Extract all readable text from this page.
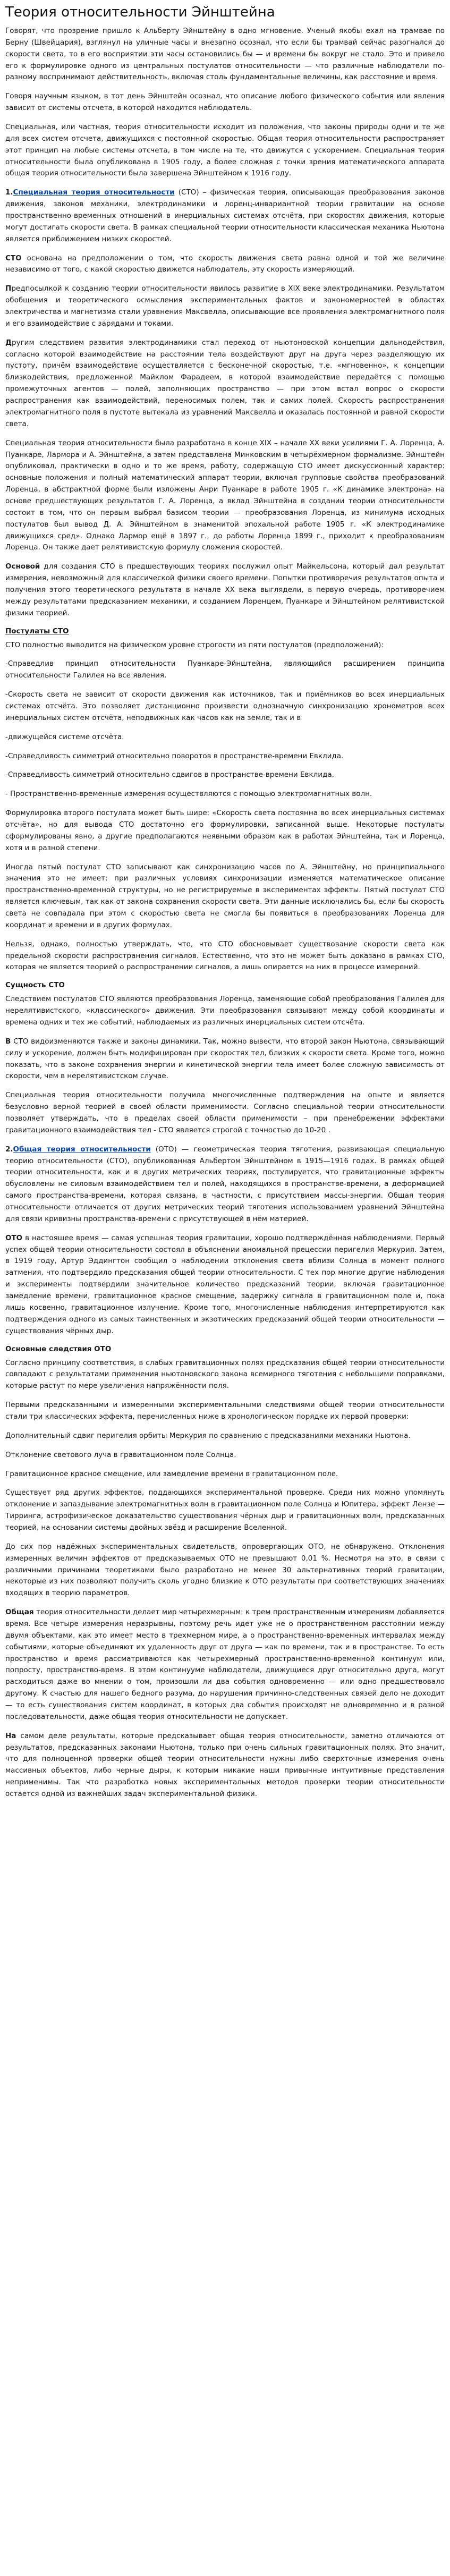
Теория относительности Эйнштейна

Говорят, что прозрение пришло к Альберту Эйнштейну в одно мгновение. Ученый якобы ехал на трамвае по Берну (Швейцария), взглянул на уличные часы и внезапно осознал, что если бы трамвай сейчас разогнался до скорости света, то в его восприятии эти часы остановились бы — и времени бы вокруг не стало. Это и привело его к формулировке одного из центральных постулатов относительности — что различные наблюдатели по-разному воспринимают действительность, включая столь фундаментальные величины, как расстояние и время.

Говоря научным языком, в тот день Эйнштейн осознал, что описание любого физического события или явления зависит от системы отсчета, в которой находится наблюдатель.

Специальная, или частная, теория относительности исходит из положения, что законы природы одни и те же для всех систем отсчета, движущихся с постоянной скоростью. Общая теория относительности распространяет этот принцип на любые системы отсчета, в том числе на те, что движутся с ускорением. Специальная теория относительности была опубликована в 1905 году, а более сложная с точки зрения математического аппарата общая теория относительности была завершена Эйнштейном к 1916 году.

1.Специальная теория относительности (СТО) – физическая теория, описывающая преобразования законов движения, законов механики, электродинамики и лоренц-инвариантной теории гравитации на основе пространственно-временных отношений в инерциальных системах отсчёта, при скоростях движения, которые могут достигать скорости света. В рамках специальной теории относительности классическая механика Ньютона является приближением низких скоростей.

СТО основана на предположении о том, что скорость движения света равна одной и той же величине независимо от того, с какой скоростью движется наблюдатель, эту скорость измеряющий.

Предпосылкой к созданию теории относительности явилось развитие в XIX веке электродинамики. Результатом обобщения и теоретического осмысления экспериментальных фактов и закономерностей в областях электричества и магнетизма стали уравнения Максвелла, описывающие все проявления электромагнитного поля и его взаимодействие с зарядами и токами.

Другим следствием развития электродинамики стал переход от ньютоновской концепции дальнодействия, согласно которой взаимодействие на расстоянии тела воздействуют друг на друга через разделяющую их пустоту, причём взаимодействие осуществляется с бесконечной скоростью, т.е. «мгновенно», к концепции близкодействия, предложенной Майклом Фарадеем, в которой взаимодействие передаётся с помощью промежуточных агентов — полей, заполняющих пространство — при этом встал вопрос о скорости распространения как взаимодействий, переносимых полем, так и самих полей. Скорость распространения электромагнитного поля в пустоте вытекала из уравнений Максвелла и оказалась постоянной и равной скорости света.

Специальная теория относительности была разработана в конце XIX – начале XX веки усилиями Г. А. Лоренца, А. Пуанкаре, Лармора и А. Эйнштейна, а затем представлена Минковским в четырёхмерном формализме. Эйнштейн опубликовал, практически в одно и то же время, работу, содержащую СТО имеет дискуссионный характер: основные положения и полный математический аппарат теории, включая групповые свойства преобразований Лоренца, в абстрактной форме были изложены Анри Пуанкаре в работе 1905 г. «К динамике электрона» на основе предшествующих результатов Г. А. Лоренца, а вклад Эйнштейна в создании теории относительности состоит в том, что он первым выбрал базисом теории — преобразования Лоренца, из минимума исходных постулатов был вывод Д. А. Эйнштейном в знаменитой эпохальной работе 1905 г. «К электродинамике движущихся сред». Однако Лармор ещё в 1897 г., до работы Лоренца 1899 г., приходит к преобразованиям Лоренца. Он также дает релятивистскую формулу сложения скоростей.

Основой для создания СТО в предшествующих теориях послужил опыт Майкельсона, который дал результат измерения, невозможный для классической физики своего времени. Попытки противоречия результатов опыта и получения этого теоретического результата в начале XX века выглядели, в первую очередь, противоречием между результатами предсказанием механики, и созданием Лоренцем, Пуанкаре и Эйнштейном релятивистской физики теорией.

Постулаты СТО

СТО полностью выводится на физическом уровне строгости из пяти постулатов (предположений):

-Справедлив принцип относительности Пуанкаре-Эйнштейна, являющийся расширением принципа относительности Галилея на все явления.

-Скорость света не зависит от скорости движения как источников, так и приёмников во всех инерциальных системах отсчёта. Это позволяет дистанционно произвести однозначную синхронизацию хронометров всех инерциальных систем отсчёта, неподвижных как часов как на земле, так и в

-движущейся системе отсчёта.

-Справедливость симметрий относительно поворотов в пространстве-времени Евклида.

-Справедливость симметрий относительно сдвигов в пространстве-времени Евклида.

- Пространственно-временные измерения осуществляются с помощью электромагнитных волн.

Формулировка второго постулата может быть шире: «Скорость света постоянна во всех инерциальных системах отсчёта», но для вывода СТО достаточно его формулировки, записанной выше. Некоторые постулаты сформулированы явно, а другие предполагаются неявными образом как в работах Эйнштейна, так и Лоренца, хотя и в разной степени.

Иногда пятый постулат СТО записывают как синхронизацию часов по А. Эйнштейну, но принципиального значения это не имеет: при различных условиях синхронизации изменяется математическое описание пространственно-временной структуры, но не регистрируемые в экспериментах эффекты. Пятый постулат СТО является ключевым, так как от закона сохранения скорости света. Эти данные исключались бы, если бы скорость света не совпадала при этом с скоростью света не смогла бы появиться в преобразованиях Лоренца для координат и времени и в других формулах.

Нельзя, однако, полностью утверждать, что, что СТО обосновывает существование скорости света как предельной скорости распространения сигналов. Естественно, что это не может быть доказано в рамках СТО, которая не является теорией о распространении сигналов, а лишь опирается на них в процессе измерений.

Сущность СТО

Следствием постулатов СТО являются преобразования Лоренца, заменяющие собой преобразования Галилея для нерелятивистского, «классического» движения. Эти преобразования связывают между собой координаты и времена одних и тех же событий, наблюдаемых из различных инерциальных систем отсчёта.

В СТО видоизменяются также и законы динамики. Так, можно вывести, что второй закон Ньютона, связывающий силу и ускорение, должен быть модифицирован при скоростях тел, близких к скорости света. Кроме того, можно показать, что в законе сохранения энергии и кинетической энергии тела имеет более сложную зависимость от скорости, чем в нерелятивистском случае.

Специальная теория относительности получила многочисленные подтверждения на опыте и является безусловно верной теорией в своей области применимости. Согласно специальной теории относительности позволяет утверждать, что в пределах своей области применимости – при пренебрежении эффектами гравитационного взаимодействия тел - СТО является строгой с точностью до 10-20 .

2.Общая теория относительности (ОТО) — геометрическая теория тяготения, развивающая специальную теорию относительности (СТО), опубликованная Альбертом Эйнштейном в 1915—1916 годах. В рамках общей теории относительности, как и в других метрических теориях, постулируется, что гравитационные эффекты обусловлены не силовым взаимодействием тел и полей, находящихся в пространстве-времени, а деформацией самого пространства-времени, которая связана, в частности, с присутствием массы-энергии. Общая теория относительности отличается от других метрических теорий тяготения использованием уравнений Эйнштейна для связи кривизны пространства-времени с присутствующей в нём материей.

ОТО в настоящее время — самая успешная теория гравитации, хорошо подтверждённая наблюдениями. Первый успех общей теории относительности состоял в объяснении аномальной прецессии перигелия Меркурия. Затем, в 1919 году, Артур Эддингтон сообщил о наблюдении отклонения света вблизи Солнца в момент полного затмения, что подтвердило предсказания общей теории относительности. С тех пор многие другие наблюдения и эксперименты подтвердили значительное количество предсказаний теории, включая гравитационное замедление времени, гравитационное красное смещение, задержку сигнала в гравитационном поле и, пока лишь косвенно, гравитационное излучение. Кроме того, многочисленные наблюдения интерпретируются как подтверждения одного из самых таинственных и экзотических предсказаний общей теории относительности — существования чёрных дыр.

Основные следствия ОТО

Согласно принципу соответствия, в слабых гравитационных полях предсказания общей теории относительности совпадают с результатами применения ньютоновского закона всемирного тяготения с небольшими поправками, которые растут по мере увеличения напряжённости поля.

Первыми предсказанными и измеренными экспериментальными следствиями общей теории относительности стали три классических эффекта, перечисленных ниже в хронологическом порядке их первой проверки:

Дополнительный сдвиг перигелия орбиты Меркурия по сравнению с предсказаниями механики Ньютона.

Отклонение светового луча в гравитационном поле Солнца.

Гравитационное красное смещение, или замедление времени в гравитационном поле.

Существует ряд других эффектов, поддающихся экспериментальной проверке. Среди них можно упомянуть отклонение и запаздывание электромагнитных волн в гравитационном поле Солнца и Юпитера, эффект Лензе — Тирринга, астрофизическое доказательство существования чёрных дыр и гравитационных волн, предсказанных теорией, на основании системы двойных звёзд и расширение Вселенной.

До сих пор надёжных экспериментальных свидетельств, опровергающих ОТО, не обнаружено. Отклонения измеренных величин эффектов от предсказываемых ОТО не превышают 0,01 %. Несмотря на это, в связи с различными причинами теоретиками было разработано не менее 30 альтернативных теорий гравитации, некоторые из них позволяют получить сколь угодно близкие к ОТО результаты при соответствующих значениях входящих в теорию параметров.

Общая теория относительности делает мир четырехмерным: к трем пространственным измерениям добавляется время. Все четыре измерения неразрывны, поэтому речь идет уже не о пространственном расстоянии между двумя объектами, как это имеет место в трехмерном мире, а о пространственно-временных интервалах между событиями, которые объединяют их удаленность друг от друга — как по времени, так и в пространстве. То есть пространство и время рассматриваются как четырехмерный пространственно-временной континуум или, попросту, пространство-время. В этом континууме наблюдатели, движущиеся друг относительно друга, могут расходиться даже во мнении о том, произошли ли два события одновременно — или одно предшествовало другому. К счастью для нашего бедного разума, до нарушения причинно-следственных связей дело не доходит — то есть существования систем координат, в которых два события происходят не одновременно и в разной последовательности, даже общая теория относительности не допускает.

На самом деле результаты, которые предсказывает общая теория относительности, заметно отличаются от результатов, предсказанных законами Ньютона, только при очень сильных гравитационных полях. Это значит, что для полноценной проверки общей теории относительности нужны либо сверхточные измерения очень массивных объектов, либо черные дыры, к которым никакие наши привычные интуитивные представления неприменимы. Так что разработка новых экспериментальных методов проверки теории относительности остается одной из важнейших задач экспериментальной физики.
